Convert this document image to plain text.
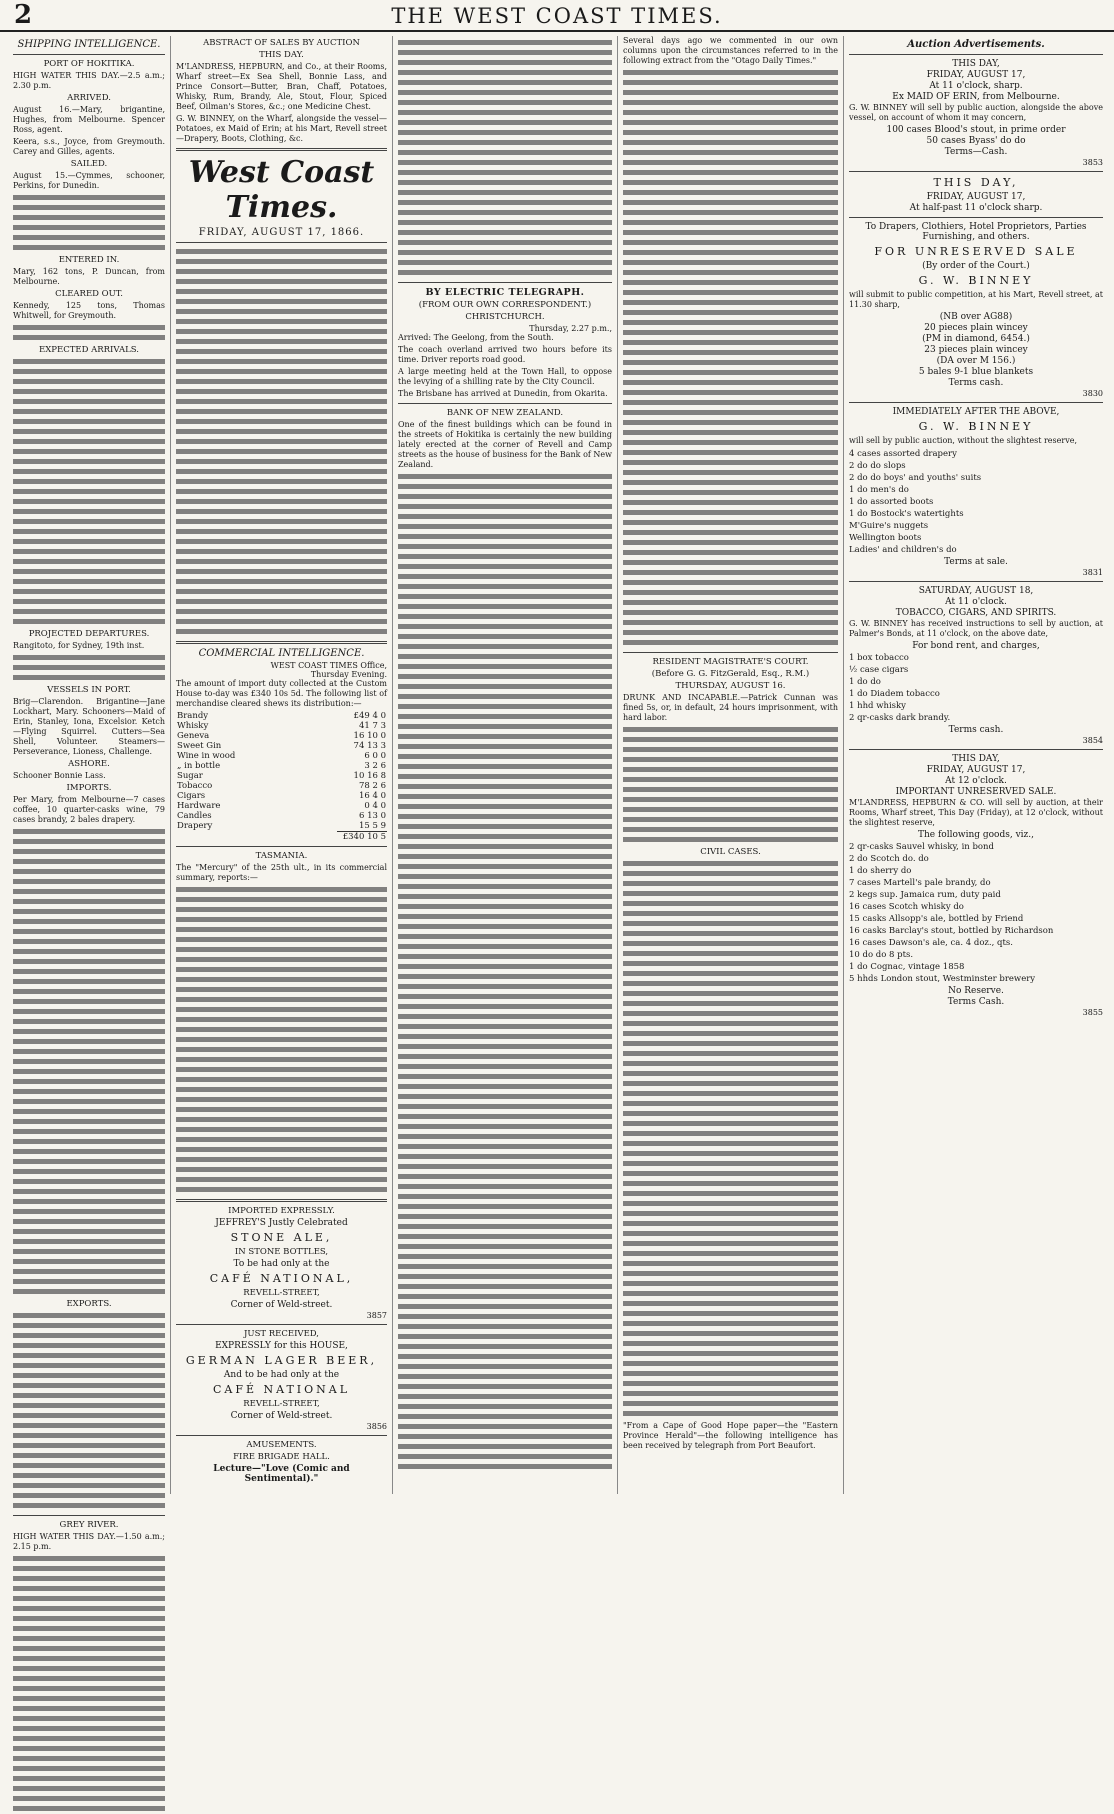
2	THE WEST COAST TIMES.
SHIPPING INTELLIGENCE.
PORT OF HOKITIKA.
HIGH WATER THIS DAY.—2.5 a.m.; 2.30 p.m.
ARRIVED.
August 16.—Mary, brigantine, Hughes, from Melbourne. Spencer Ross, agent.
Keera, s.s., Joyce, from Greymouth. Carey and Gilles, agents.
SAILED.
August 15.—Cymmes, schooner, Perkins, for Dunedin.
ENTERED IN.
Mary, 162 tons, P. Duncan, from Melbourne.
CLEARED OUT.
Kennedy, 125 tons, Thomas Whitwell, for Greymouth.
EXPECTED ARRIVALS.
PROJECTED DEPARTURES.
Rangitoto, for Sydney, 19th inst.
VESSELS IN PORT.
Brig—Clarendon. Brigantine—Jane Lockhart, Mary. Schooners—Maid of Erin, Stanley, Iona, Excelsior. Ketch—Flying Squirrel. Cutters—Sea Shell, Volunteer. Steamers—Perseverance, Lioness, Challenge.
ASHORE.
Schooner Bonnie Lass.
IMPORTS.
Per Mary, from Melbourne—7 cases coffee, 10 quarter-casks wine, 79 cases brandy, 2 bales drapery.
EXPORTS.
GREY RIVER.
HIGH WATER THIS DAY.—1.50 a.m.; 2.15 p.m.
ABSTRACT OF SALES BY AUCTION
THIS DAY.
M'LANDRESS, HEPBURN, and Co., at their Rooms, Wharf street—Ex Sea Shell, Bonnie Lass, and Prince Consort—Butter, Bran, Chaff, Potatoes, Whisky, Rum, Brandy, Ale, Stout, Flour, Spiced Beef, Oilman's Stores, &c.; one Medicine Chest.
G. W. BINNEY, on the Wharf, alongside the vessel—Potatoes, ex Maid of Erin; at his Mart, Revell street—Drapery, Boots, Clothing, &c.
West Coast Times.
FRIDAY, AUGUST 17, 1866.
COMMERCIAL INTELLIGENCE.
WEST COAST TIMES Office,
Thursday Evening.
The amount of import duty collected at the Custom House to-day was £340 10s 5d. The following list of merchandise cleared shews its distribution:—
Brandy	£49 4 0
Whisky	41 7 3
Geneva	16 10 0
Sweet Gin	74 13 3
Wine in wood	6 0 0
„ in bottle	3 2 6
Sugar	10 16 8
Tobacco	78 2 6
Cigars	16 4 0
Hardware	0 4 0
Candles	6 13 0
Drapery	15 5 9
	£340 10 5
TASMANIA.
The "Mercury" of the 25th ult., in its commercial summary, reports:—
IMPORTED EXPRESSLY.
JEFFREY'S Justly Celebrated
STONE ALE,
IN STONE BOTTLES,
To be had only at the
CAFÉ NATIONAL,
REVELL-STREET,
Corner of Weld-street.
3857
JUST RECEIVED,
EXPRESSLY for this HOUSE,
GERMAN LAGER BEER,
And to be had only at the
CAFÉ NATIONAL
REVELL-STREET,
Corner of Weld-street.
3856
AMUSEMENTS.
FIRE BRIGADE HALL.
Lecture—"Love (Comic and Sentimental)."
BY ELECTRIC TELEGRAPH.
(FROM OUR OWN CORRESPONDENT.)
CHRISTCHURCH.
Thursday, 2.27 p.m.,
Arrived: The Geelong, from the South.
The coach overland arrived two hours before its time. Driver reports road good.
A large meeting held at the Town Hall, to oppose the levying of a shilling rate by the City Council.
The Brisbane has arrived at Dunedin, from Okarita.
BANK OF NEW ZEALAND.
One of the finest buildings which can be found in the streets of Hokitika is certainly the new building lately erected at the corner of Revell and Camp streets as the house of business for the Bank of New Zealand.
Several days ago we commented in our own columns upon the circumstances referred to in the following extract from the "Otago Daily Times."
RESIDENT MAGISTRATE'S COURT.
(Before G. G. FitzGerald, Esq., R.M.)
THURSDAY, AUGUST 16.
DRUNK AND INCAPABLE.—Patrick Cunnan was fined 5s, or, in default, 24 hours imprisonment, with hard labor.
CIVIL CASES.
"From a Cape of Good Hope paper—the "Eastern Province Herald"—the following intelligence has been received by telegraph from Port Beaufort.
Auction Advertisements.
THIS DAY,
FRIDAY, AUGUST 17,
At 11 o'clock, sharp.
Ex MAID OF ERIN, from Melbourne.
G. W. BINNEY will sell by public auction, alongside the above vessel, on account of whom it may concern,
100 cases Blood's stout, in prime order
50 cases Byass' do do
Terms—Cash.
3853
THIS DAY,
FRIDAY, AUGUST 17,
At half-past 11 o'clock sharp.
To Drapers, Clothiers, Hotel Proprietors, Parties Furnishing, and others.
FOR UNRESERVED SALE
(By order of the Court.)
G. W. BINNEY
will submit to public competition, at his Mart, Revell street, at 11.30 sharp,
(NB over AG88)
20 pieces plain wincey
(PM in diamond, 6454.)
23 pieces plain wincey
(DA over M 156.)
5 bales 9-1 blue blankets
Terms cash.
3830
IMMEDIATELY AFTER THE ABOVE,
G. W. BINNEY
will sell by public auction, without the slightest reserve,
4 cases assorted drapery
2 do do slops
2 do do boys' and youths' suits
1 do men's do
1 do assorted boots
1 do Bostock's watertights
M'Guire's nuggets
Wellington boots
Ladies' and children's do
Terms at sale.
3831
SATURDAY, AUGUST 18,
At 11 o'clock.
TOBACCO, CIGARS, AND SPIRITS.
G. W. BINNEY has received instructions to sell by auction, at Palmer's Bonds, at 11 o'clock, on the above date,
For bond rent, and charges,
1 box tobacco
½ case cigars
1 do do
1 do Diadem tobacco
1 hhd whisky
2 qr-casks dark brandy.
Terms cash.
3854
THIS DAY,
FRIDAY, AUGUST 17,
At 12 o'clock.
IMPORTANT UNRESERVED SALE.
M'LANDRESS, HEPBURN & CO. will sell by auction, at their Rooms, Wharf street, This Day (Friday), at 12 o'clock, without the slightest reserve,
The following goods, viz.,
2 qr-casks Sauvel whisky, in bond
2 do Scotch do. do
1 do sherry do
7 cases Martell's pale brandy, do
2 kegs sup. Jamaica rum, duty paid
16 cases Scotch whisky do
15 casks Allsopp's ale, bottled by Friend
16 casks Barclay's stout, bottled by Richardson
16 cases Dawson's ale, ca. 4 doz., qts.
10 do do 8 pts.
1 do Cognac, vintage 1858
5 hhds London stout, Westminster brewery
No Reserve.
Terms Cash.
3855
